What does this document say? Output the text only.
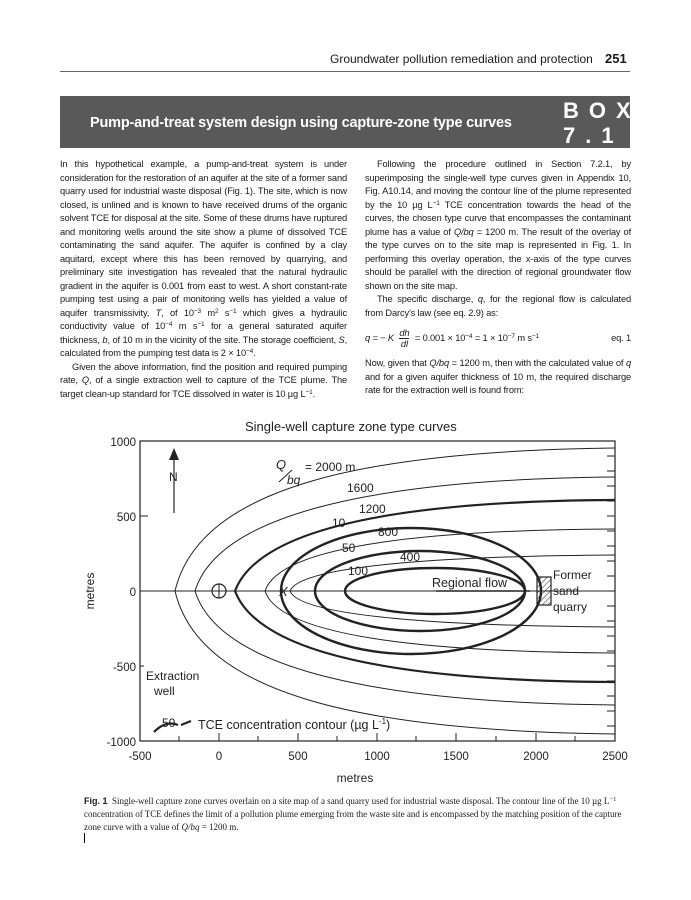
Groundwater pollution remediation and protection 251
Pump-and-treat system design using capture-zone type curves BOX
7.1

In this hypothetical example, a pump-and-treat system is under consideration for the restoration of an aquifer at the site of a former sand quarry used for industrial waste disposal (Fig. 1). The site, which is now closed, is unlined and is known to have received drums of the organic solvent TCE for disposal at the site. Some of these drums have ruptured and monitoring wells around the site show a plume of dissolved TCE contaminating the sand aquifer. The aquifer is confined by a clay aquitard, except where this has been removed by quarrying, and preliminary site investigation has revealed that the natural hydraulic gradient in the aquifer is 0.001 from east to west. A short constant-rate pumping test using a pair of monitoring wells has yielded a value of aquifer transmissivity, T, of $10^{-3}$ $m^2$ $s^{-1}$ which gives a hydraulic conductivity value of $10^{-4}$ m $s^{-1}$ for a general saturated aquifer thickness, b, of 10 m in the vicinity of the site. The storage coefficient, S, calculated from the pumping test data is $2 \times 10^{-4}$.

Given the above information, find the position and required pumping rate, Q, of a single extraction well to capture of the TCE plume. The target clean-up standard for TCE dissolved in water is 10 µg $L^{-1}$.

Following the procedure outlined in Section 7.2.1, by superimposing the single-well type curves given in Appendix 10, Fig. A10.14, and moving the contour line of the plume represented by the 10 µg $L^{-1}$ TCE concentration towards the head of the curves, the chosen type curve that encompasses the contaminant plume has a value of Q/bq = 1200 m. The result of the overlay of the type curves on to the site map is represented in Fig. 1. In performing this overlay operation, the x-axis of the type curves should be parallel with the direction of regional groundwater flow shown on the site map.

The specific discharge, q, for the regional flow is calculated from Darcy's law (see eq. 2.9) as:

q = − K $\frac{dh}{dl} = 0.001 \times 10^{-4} = 1 \times 10^{-7}$ m $s^{-1}$	eq. 1

Now, given that Q/bq = 1200 m, then with the calculated value of q and for a given aquifer thickness of 10 m, the required discharge rate for the extraction well is found from:

Single-well capture zone type curves
1000
500
0
-500
-1000
-500	0	500	1000	1500	2000	2500
metres
metres
N
Q
bq
= 2000 m
1600
1200
800
400
10
50
100
X
Regional flow
Former
sand
quarry
Extraction
well
50 TCE concentration contour (µg $L^{-1}$)
Fig. 1 Single-well capture zone curves overlain on a site map of a sand quarry used for industrial waste disposal. The contour line of the 10 µg $L^{-1}$ concentration of TCE defines the limit of a pollution plume emerging from the waste site and is encompassed by the matching position of the capture zone curve with a value of Q/bq = 1200 m.
